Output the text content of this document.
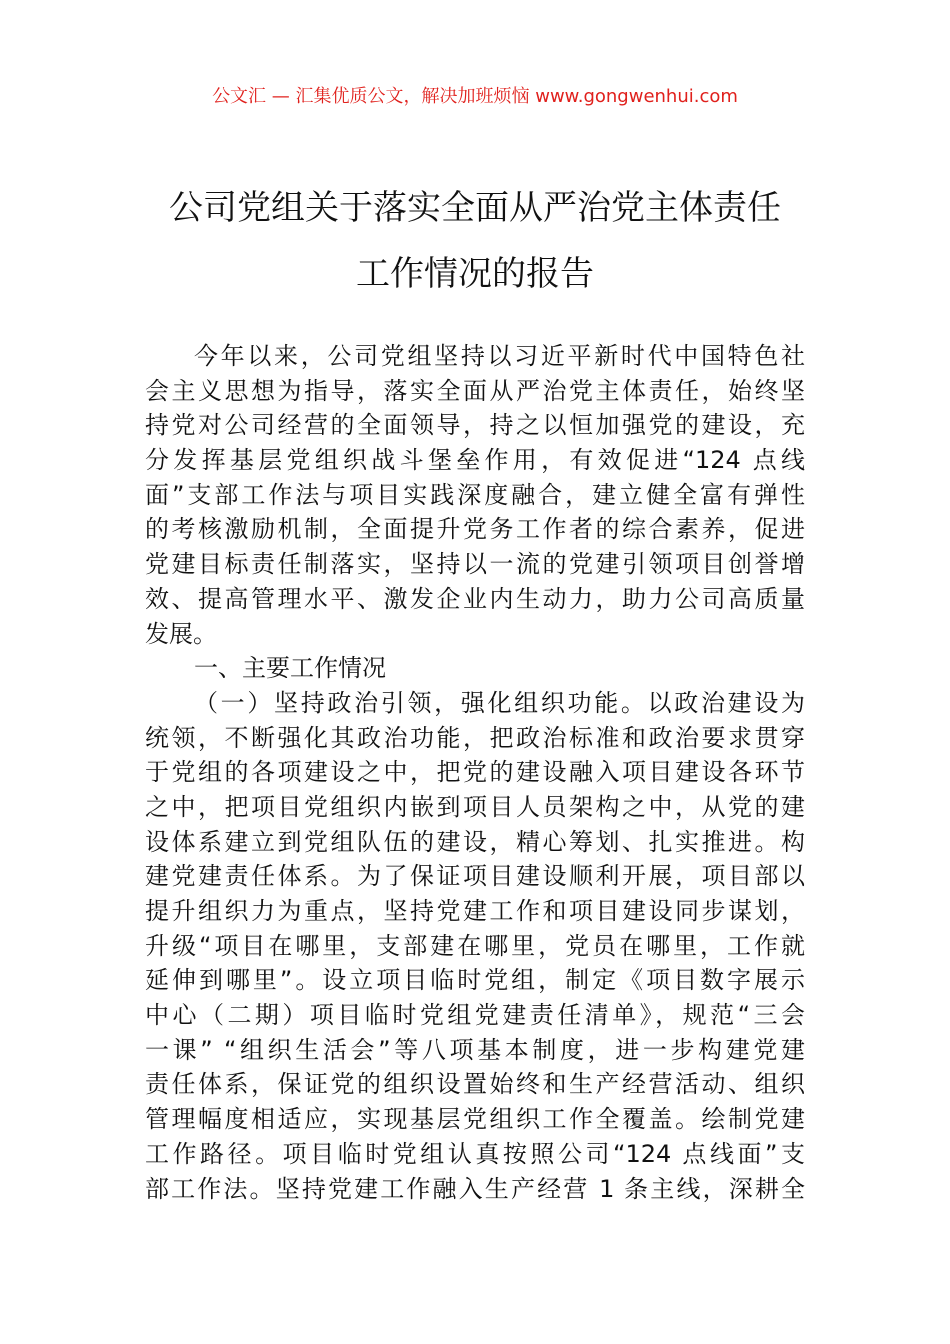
公文汇 — 汇集优质公文，解决加班烦恼 www.gongwenhui.com
公司党组关于落实全面从严治党主体责任
工作情况的报告
今年以来，公司党组坚持以习近平新时代中国特色社
会主义思想为指导，落实全面从严治党主体责任，始终坚
持党对公司经营的全面领导，持之以恒加强党的建设，充
分发挥基层党组织战斗堡垒作用，有效促进“124 点线
面”支部工作法与项目实践深度融合，建立健全富有弹性
的考核激励机制，全面提升党务工作者的综合素养，促进
党建目标责任制落实，坚持以一流的党建引领项目创誉增
效、提高管理水平、激发企业内生动力，助力公司高质量
发展。
一、主要工作情况
（一）坚持政治引领，强化组织功能。以政治建设为
统领，不断强化其政治功能，把政治标准和政治要求贯穿
于党组的各项建设之中，把党的建设融入项目建设各环节
之中，把项目党组织内嵌到项目人员架构之中，从党的建
设体系建立到党组队伍的建设，精心筹划、扎实推进。构
建党建责任体系。为了保证项目建设顺利开展，项目部以
提升组织力为重点，坚持党建工作和项目建设同步谋划，
升级“项目在哪里，支部建在哪里，党员在哪里，工作就
延伸到哪里”。设立项目临时党组，制定《项目数字展示
中心（二期）项目临时党组党建责任清单》，规范“三会
一课” “组织生活会”等八项基本制度，进一步构建党建
责任体系，保证党的组织设置始终和生产经营活动、组织
管理幅度相适应，实现基层党组织工作全覆盖。绘制党建
工作路径。项目临时党组认真按照公司“124 点线面”支
部工作法。坚持党建工作融入生产经营 1 条主线，深耕全
